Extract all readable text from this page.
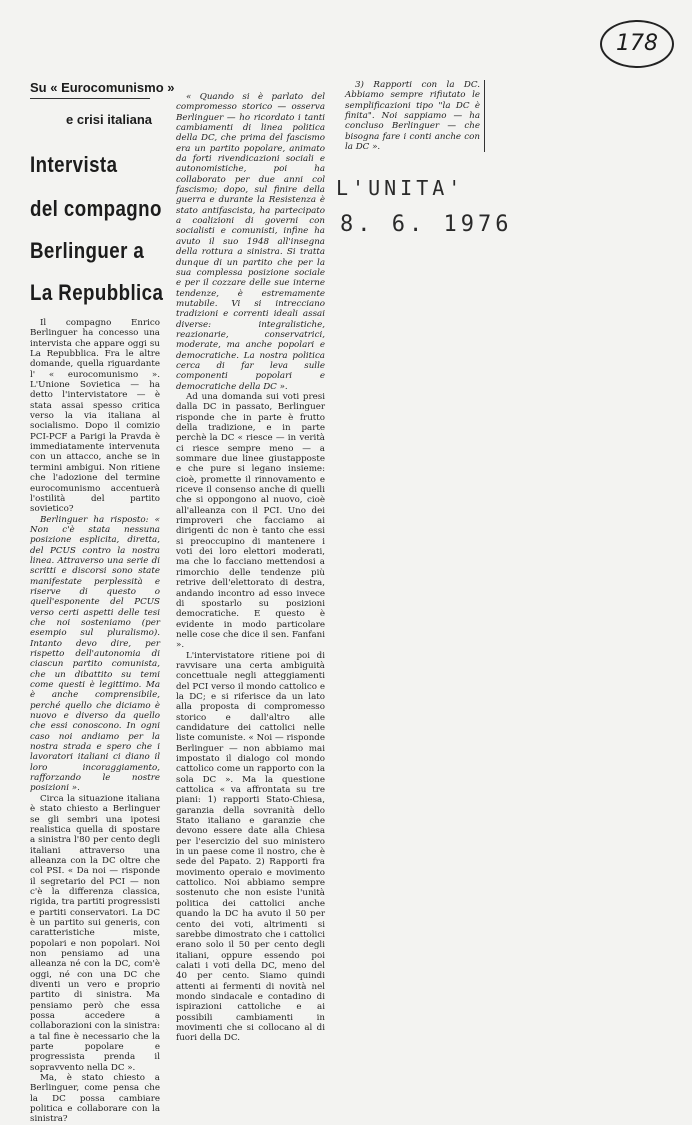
178
L'UNITA'
8. 6. 1976
Su « Eurocomunismo »
e crisi italiana
Intervista
del compagno
Berlinguer a
La Repubblica

Il compagno Enrico Berlinguer ha concesso una intervista che appare oggi su La Repubblica. Fra le altre domande, quella riguardante l' « eurocomunismo ». L'Unione Sovietica — ha detto l'intervistatore — è stata assai spesso critica verso la via italiana al socialismo. Dopo il comizio PCI-PCF a Parigi la Pravda è immediatamente intervenuta con un attacco, anche se in termini ambigui. Non ritiene che l'adozione del termine eurocomunismo accentuerà l'ostilità del partito sovietico?

Berlinguer ha risposto: « Non c'è stata nessuna posizione esplicita, diretta, del PCUS contro la nostra linea. Attraverso una serie di scritti e discorsi sono state manifestate perplessità e riserve di questo o quell'esponente del PCUS verso certi aspetti delle tesi che noi sosteniamo (per esempio sul pluralismo). Intanto devo dire, per rispetto dell'autonomia di ciascun partito comunista, che un dibattito su temi come questi è legittimo. Ma è anche comprensibile, perché quello che diciamo è nuovo e diverso da quello che essi conoscono. In ogni caso noi andiamo per la nostra strada e spero che i lavoratori italiani ci diano il loro incoraggiamento, rafforzando le nostre posizioni ».

Circa la situazione italiana è stato chiesto a Berlinguer se gli sembri una ipotesi realistica quella di spostare a sinistra l'80 per cento degli italiani attraverso una alleanza con la DC oltre che col PSI. « Da noi — risponde il segretario del PCI — non c'è la differenza classica, rigida, tra partiti progressisti e partiti conservatori. La DC è un partito sui generis, con caratteristiche miste, popolari e non popolari. Noi non pensiamo ad una alleanza né con la DC, com'è oggi, né con una DC che diventi un vero e proprio partito di sinistra. Ma pensiamo però che essa possa accedere a collaborazioni con la sinistra: a tal fine è necessario che la parte popolare e progressista prenda il sopravvento nella DC ».

Ma, è stato chiesto a Berlinguer, come pensa che la DC possa cambiare politica e collaborare con la sinistra?

« Quando si è parlato del compromesso storico — osserva Berlinguer — ho ricordato i tanti cambiamenti di linea politica della DC, che prima del fascismo era un partito popolare, animato da forti rivendicazioni sociali e autonomistiche, poi ha collaborato per due anni col fascismo; dopo, sul finire della guerra e durante la Resistenza è stato antifascista, ha partecipato a coalizioni di governi con socialisti e comunisti, infine ha avuto il suo 1948 all'insegna della rottura a sinistra. Si tratta dunque di un partito che per la sua complessa posizione sociale e per il cozzare delle sue interne tendenze, è estremamente mutabile. Vi si intrecciano tradizioni e correnti ideali assai diverse: integralistiche, reazionarie, conservatrici, moderate, ma anche popolari e democratiche. La nostra politica cerca di far leva sulle componenti popolari e democratiche della DC ».

Ad una domanda sui voti presi dalla DC in passato, Berlinguer risponde che in parte è frutto della tradizione, e in parte perchè la DC « riesce — in verità ci riesce sempre meno — a sommare due linee giustapposte e che pure si legano insieme: cioè, promette il rinnovamento e riceve il consenso anche di quelli che si oppongono al nuovo, cioè all'alleanza con il PCI. Uno dei rimproveri che facciamo ai dirigenti dc non è tanto che essi si preoccupino di mantenere i voti dei loro elettori moderati, ma che lo facciano mettendosi a rimorchio delle tendenze più retrive dell'elettorato di destra, andando incontro ad esso invece di spostarlo su posizioni democratiche. E questo è evidente in modo particolare nelle cose che dice il sen. Fanfani ».

L'intervistatore ritiene poi di ravvisare una certa ambiguità concettuale negli atteggiamenti del PCI verso il mondo cattolico e la DC; e si riferisce da un lato alla proposta di compromesso storico e dall'altro alle candidature dei cattolici nelle liste comuniste. « Noi — risponde Berlinguer — non abbiamo mai impostato il dialogo col mondo cattolico come un rapporto con la sola DC ». Ma la questione cattolica « va affrontata su tre piani: 1) rapporti Stato-Chiesa, garanzia della sovranità dello Stato italiano e garanzie che devono essere date alla Chiesa per l'esercizio del suo ministero in un paese come il nostro, che è sede del Papato. 2) Rapporti fra movimento operaio e movimento cattolico. Noi abbiamo sempre sostenuto che non esiste l'unità politica dei cattolici anche quando la DC ha avuto il 50 per cento dei voti, altrimenti si sarebbe dimostrato che i cattolici erano solo il 50 per cento degli italiani, oppure essendo poi calati i voti della DC, meno del 40 per cento. Siamo quindi attenti ai fermenti di novità nel mondo sindacale e contadino di ispirazioni cattoliche e ai possibili cambiamenti in movimenti che si collocano al di fuori della DC.

3) Rapporti con la DC. Abbiamo sempre rifiutato le semplificazioni tipo "la DC è finita". Noi sappiamo — ha concluso Berlinguer — che bisogna fare i conti anche con la DC ».
